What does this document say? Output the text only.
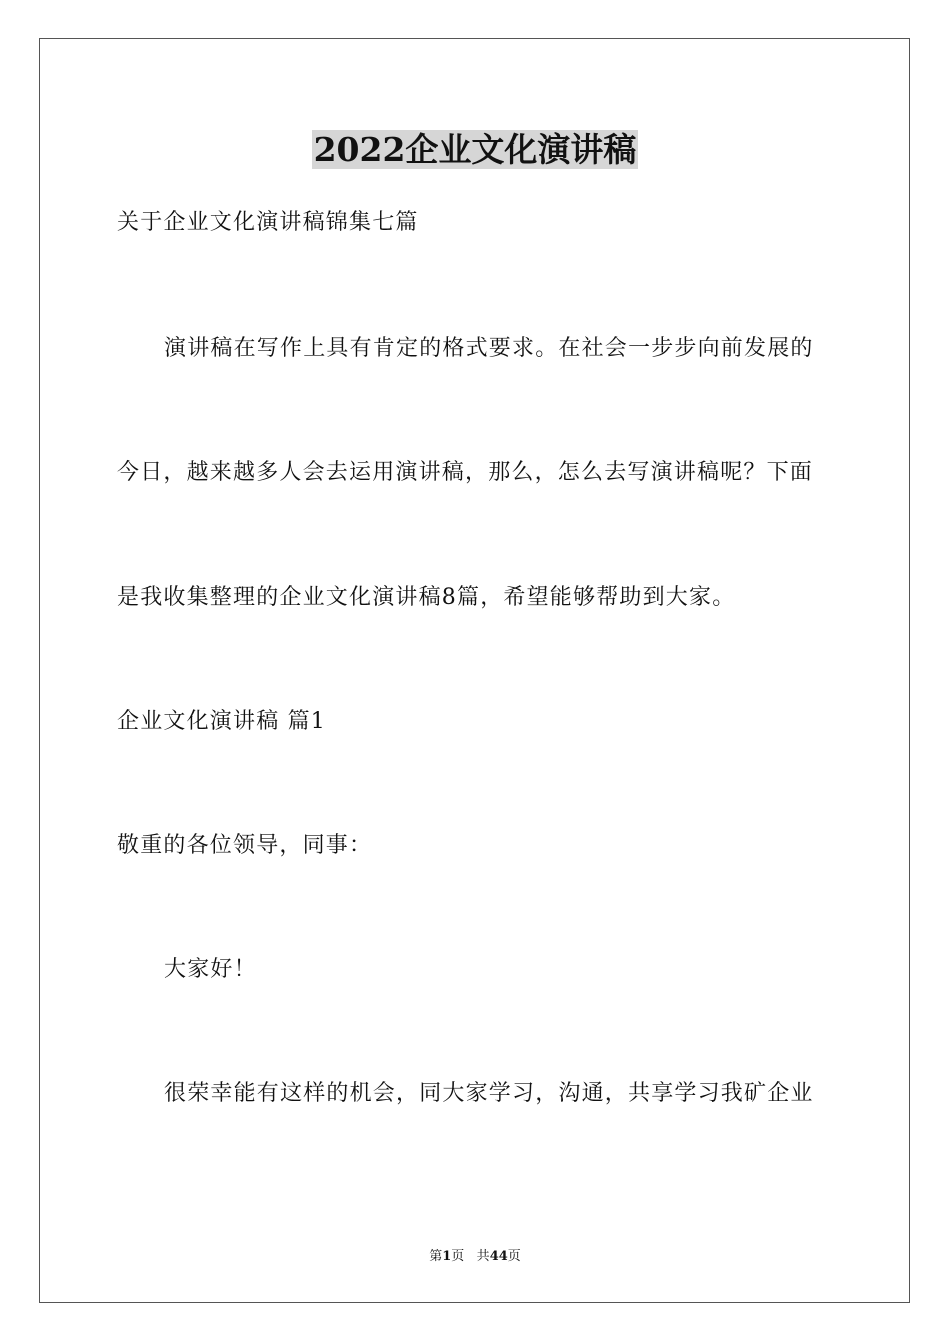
2022企业文化演讲稿
关于企业文化演讲稿锦集七篇
演讲稿在写作上具有肯定的格式要求。在社会一步步向前发展的
今日，越来越多人会去运用演讲稿，那么，怎么去写演讲稿呢？下面
是我收集整理的企业文化演讲稿8篇，希望能够帮助到大家。
企业文化演讲稿 篇1
敬重的各位领导，同事：
大家好！
很荣幸能有这样的机会，同大家学习，沟通，共享学习我矿企业
第1页 共44页
